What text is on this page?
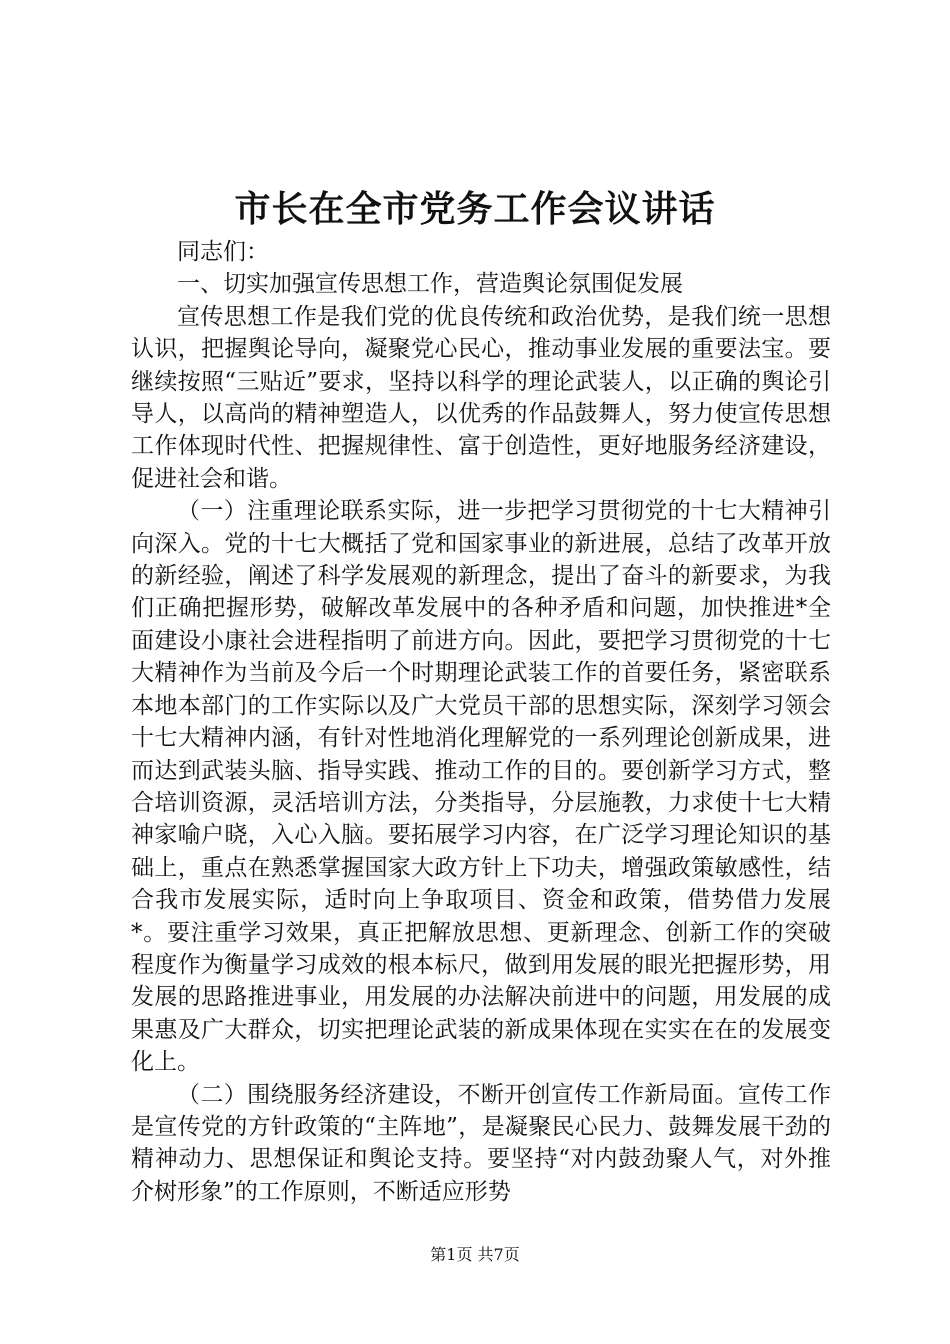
市长在全市党务工作会议讲话

同志们：

一、切实加强宣传思想工作，营造舆论氛围促发展

宣传思想工作是我们党的优良传统和政治优势，是我们统一思想认识，把握舆论导向，凝聚党心民心，推动事业发展的重要法宝。要继续按照“三贴近”要求，坚持以科学的理论武装人，以正确的舆论引导人，以高尚的精神塑造人，以优秀的作品鼓舞人，努力使宣传思想工作体现时代性、把握规律性、富于创造性，更好地服务经济建设，促进社会和谐。

（一）注重理论联系实际，进一步把学习贯彻党的十七大精神引向深入。党的十七大概括了党和国家事业的新进展，总结了改革开放的新经验，阐述了科学发展观的新理念，提出了奋斗的新要求，为我们正确把握形势，破解改革发展中的各种矛盾和问题，加快推进*全面建设小康社会进程指明了前进方向。因此，要把学习贯彻党的十七大精神作为当前及今后一个时期理论武装工作的首要任务，紧密联系本地本部门的工作实际以及广大党员干部的思想实际，深刻学习领会十七大精神内涵，有针对性地消化理解党的一系列理论创新成果，进而达到武装头脑、指导实践、推动工作的目的。要创新学习方式，整合培训资源，灵活培训方法，分类指导，分层施教，力求使十七大精神家喻户晓，入心入脑。要拓展学习内容，在广泛学习理论知识的基础上，重点在熟悉掌握国家大政方针上下功夫，增强政策敏感性，结合我市发展实际，适时向上争取项目、资金和政策，借势借力发展*。要注重学习效果，真正把解放思想、更新理念、创新工作的突破程度作为衡量学习成效的根本标尺，做到用发展的眼光把握形势，用发展的思路推进事业，用发展的办法解决前进中的问题，用发展的成果惠及广大群众，切实把理论武装的新成果体现在实实在在的发展变化上。

（二）围绕服务经济建设，不断开创宣传工作新局面。宣传工作是宣传党的方针政策的“主阵地”，是凝聚民心民力、鼓舞发展干劲的精神动力、思想保证和舆论支持。要坚持“对内鼓劲聚人气，对外推介树形象”的工作原则，不断适应形势

第1页 共7页
